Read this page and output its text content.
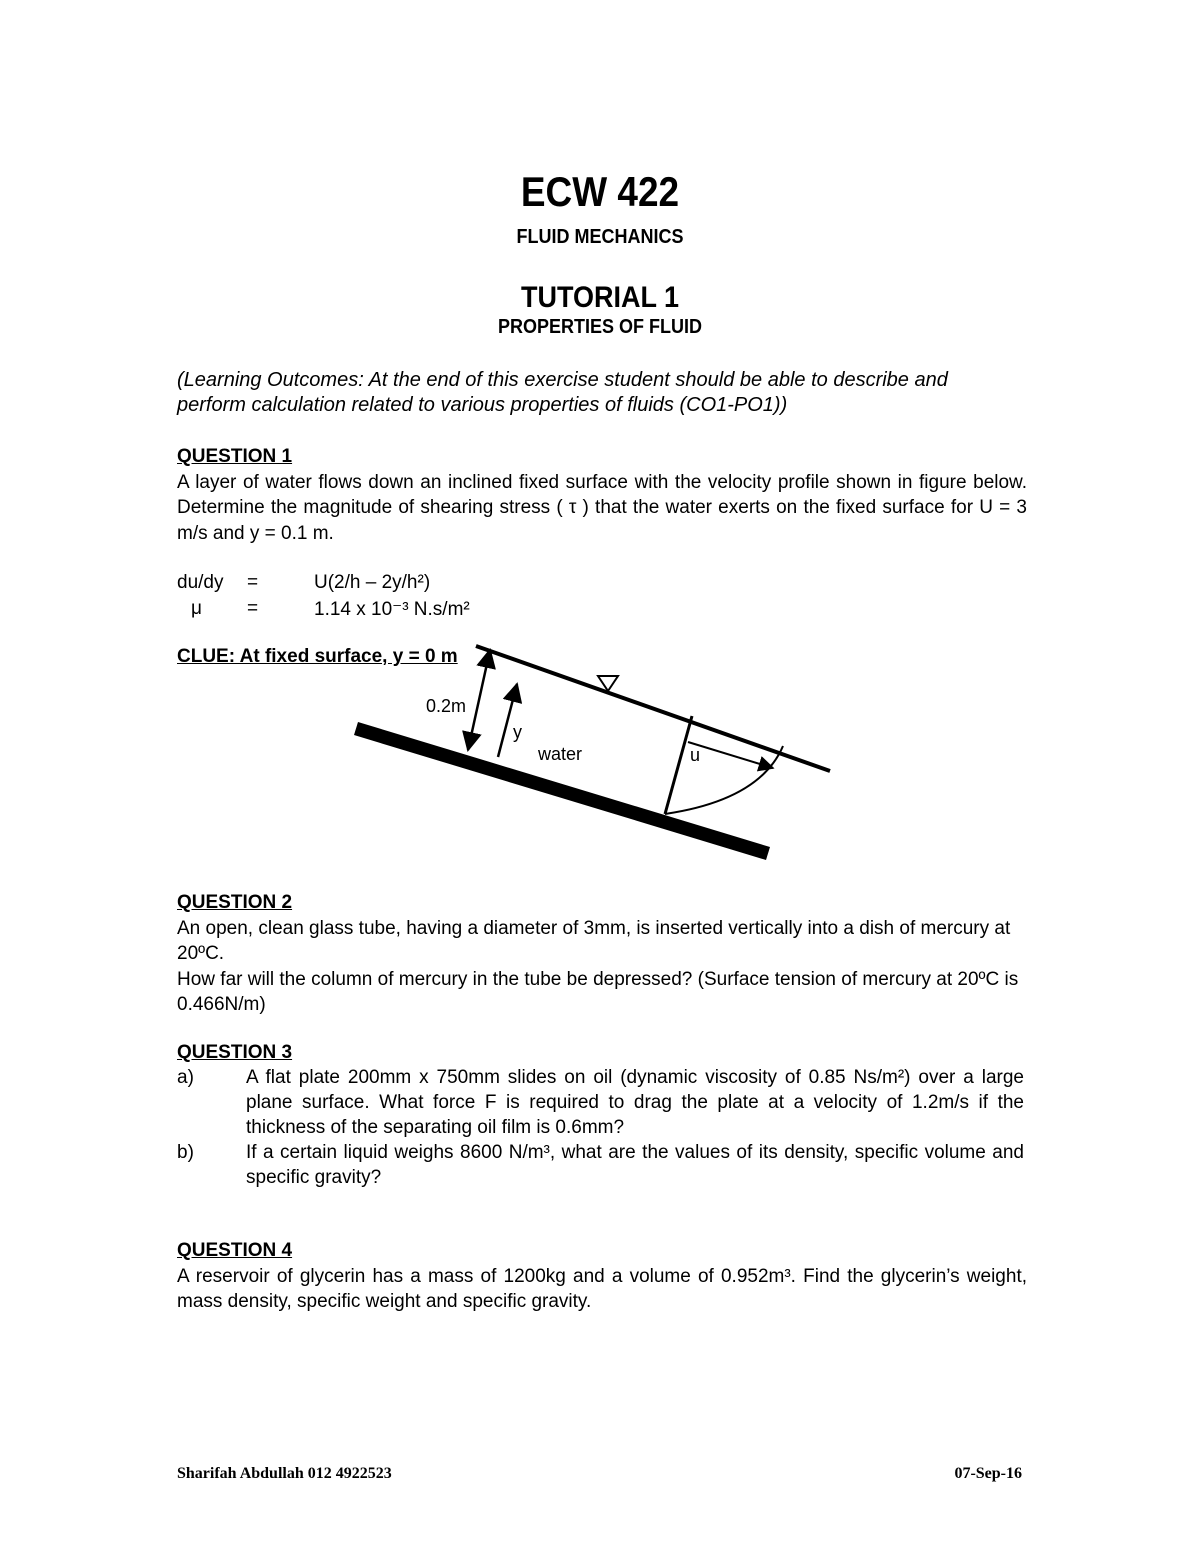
ECW 422
FLUID MECHANICS
TUTORIAL 1
PROPERTIES OF FLUID
(Learning Outcomes: At the end of this exercise student should be able to describe and
perform calculation related to various properties of fluids (CO1-PO1))
QUESTION 1
A layer of water flows down an inclined fixed surface with the velocity profile shown in figure below. Determine the magnitude of shearing stress ( τ ) that the water exerts on the fixed surface for U = 3 m/s and y = 0.1 m.
du/dy =	U(2/h – 2y/h²)
μ =	1.14 x 10⁻³ N.s/m²
CLUE: At fixed surface, y = 0 m
0.2m
y
water	u
QUESTION 2
An open, clean glass tube, having a diameter of 3mm, is inserted vertically into a dish of mercury at 20ºC.
How far will the column of mercury in the tube be depressed? (Surface tension of mercury at 20ºC is
0.466N/m)
QUESTION 3
a)	A flat plate 200mm x 750mm slides on oil (dynamic viscosity of 0.85 Ns/m²) over a large plane surface. What force F is required to drag the plate at a velocity of 1.2m/s if the thickness of the separating oil film is 0.6mm?
b)	If a certain liquid weighs 8600 N/m³, what are the values of its density, specific volume and specific gravity?
QUESTION 4
A reservoir of glycerin has a mass of 1200kg and a volume of 0.952m³. Find the glycerin’s weight, mass density, specific weight and specific gravity.
Sharifah Abdullah 012 4922523	07-Sep-16
